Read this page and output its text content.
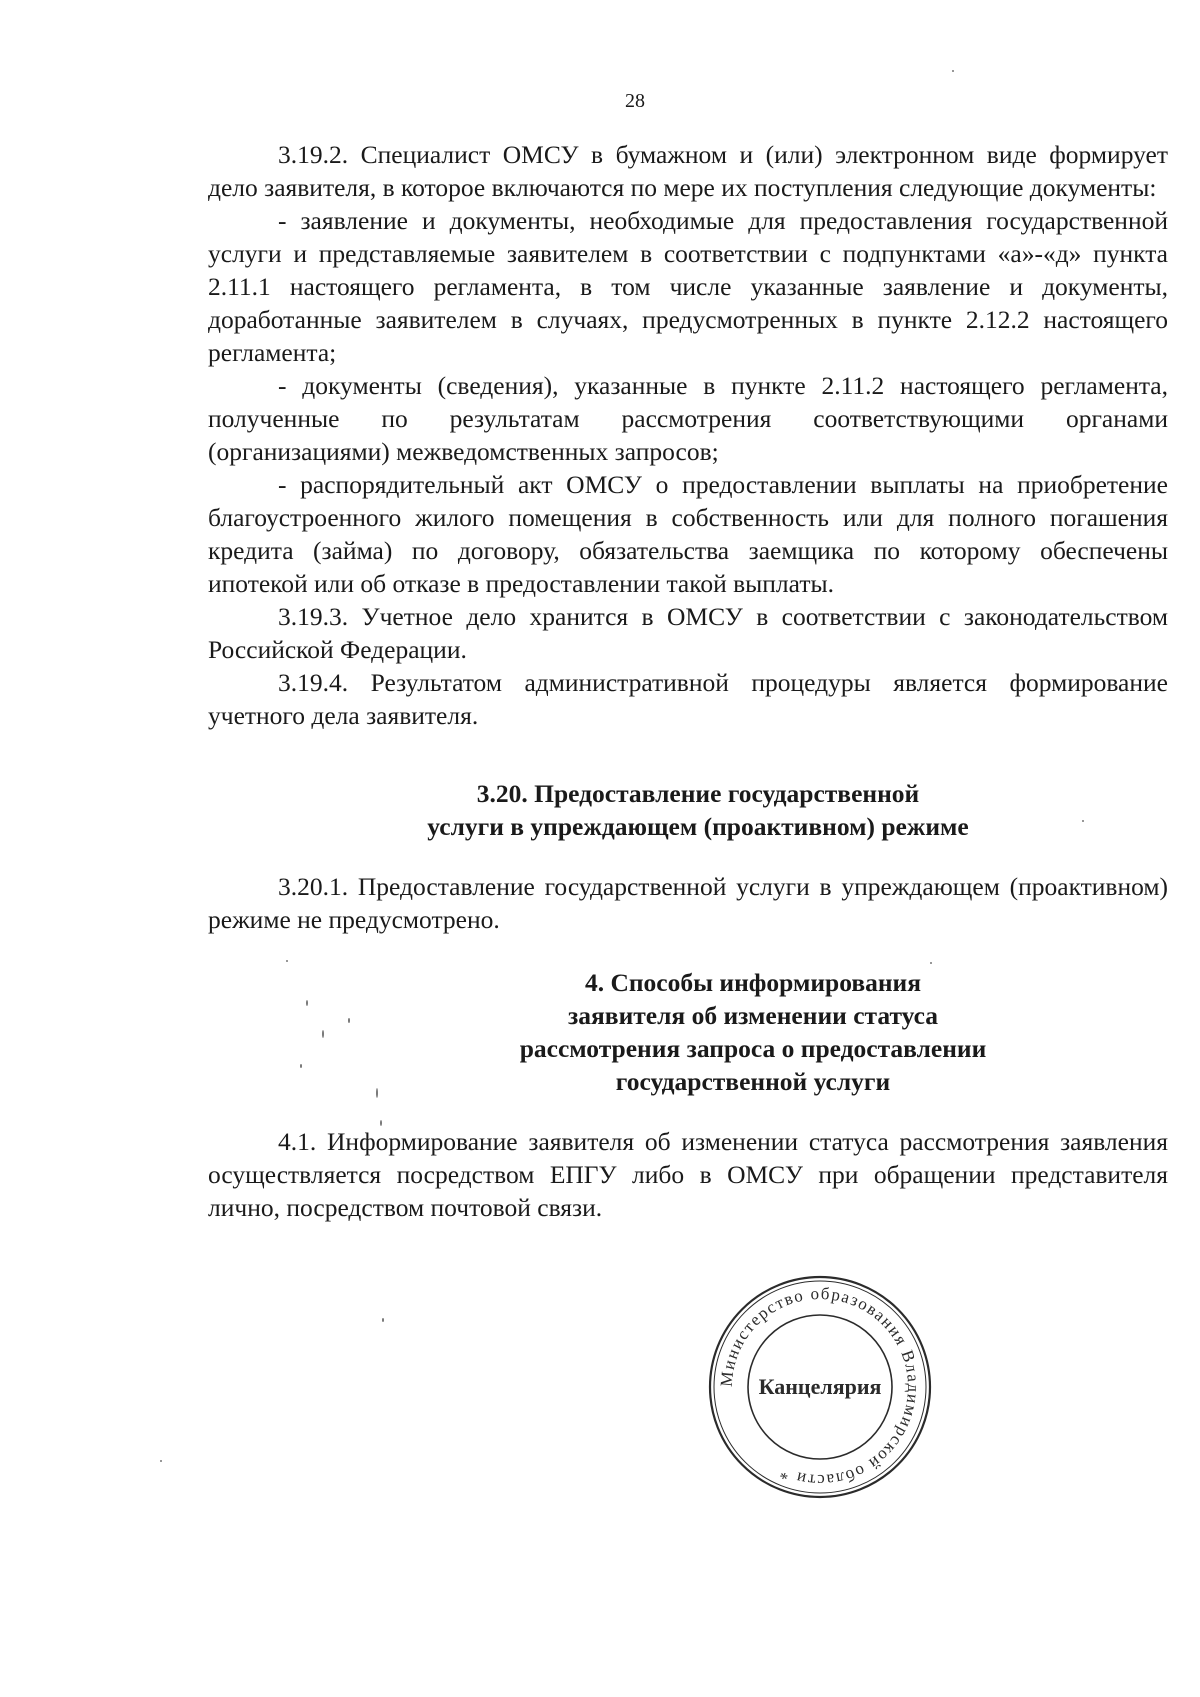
28

3.19.2. Специалист ОМСУ в бумажном и (или) электронном виде формирует дело заявителя, в которое включаются по мере их поступления следующие документы:

- заявление и документы, необходимые для предоставления государственной услуги и представляемые заявителем в соответствии с подпунктами «а»-«д» пункта 2.11.1 настоящего регламента, в том числе указанные заявление и документы, доработанные заявителем в случаях, предусмотренных в пункте 2.12.2 настоящего регламента;

- документы (сведения), указанные в пункте 2.11.2 настоящего регламента, полученные по результатам рассмотрения соответствующими органами (организациями) межведомственных запросов;

- распорядительный акт ОМСУ о предоставлении выплаты на приобретение благоустроенного жилого помещения в собственность или для полного погашения кредита (займа) по договору, обязательства заемщика по которому обеспечены ипотекой или об отказе в предоставлении такой выплаты.

3.19.3. Учетное дело хранится в ОМСУ в соответствии с законодательством Российской Федерации.

3.19.4. Результатом административной процедуры является формирование учетного дела заявителя.

3.20. Предоставление государственной
услуги в упреждающем (проактивном) режиме

3.20.1. Предоставление государственной услуги в упреждающем (проактивном) режиме не предусмотрено.

4. Способы информирования
заявителя об изменении статуса
рассмотрения запроса о предоставлении
государственной услуги

4.1. Информирование заявителя об изменении статуса рассмотрения заявления осуществляется посредством ЕПГУ либо в ОМСУ при обращении представителя лично, посредством почтовой связи.

Министерство образования Владимирской области *
Канцелярия
